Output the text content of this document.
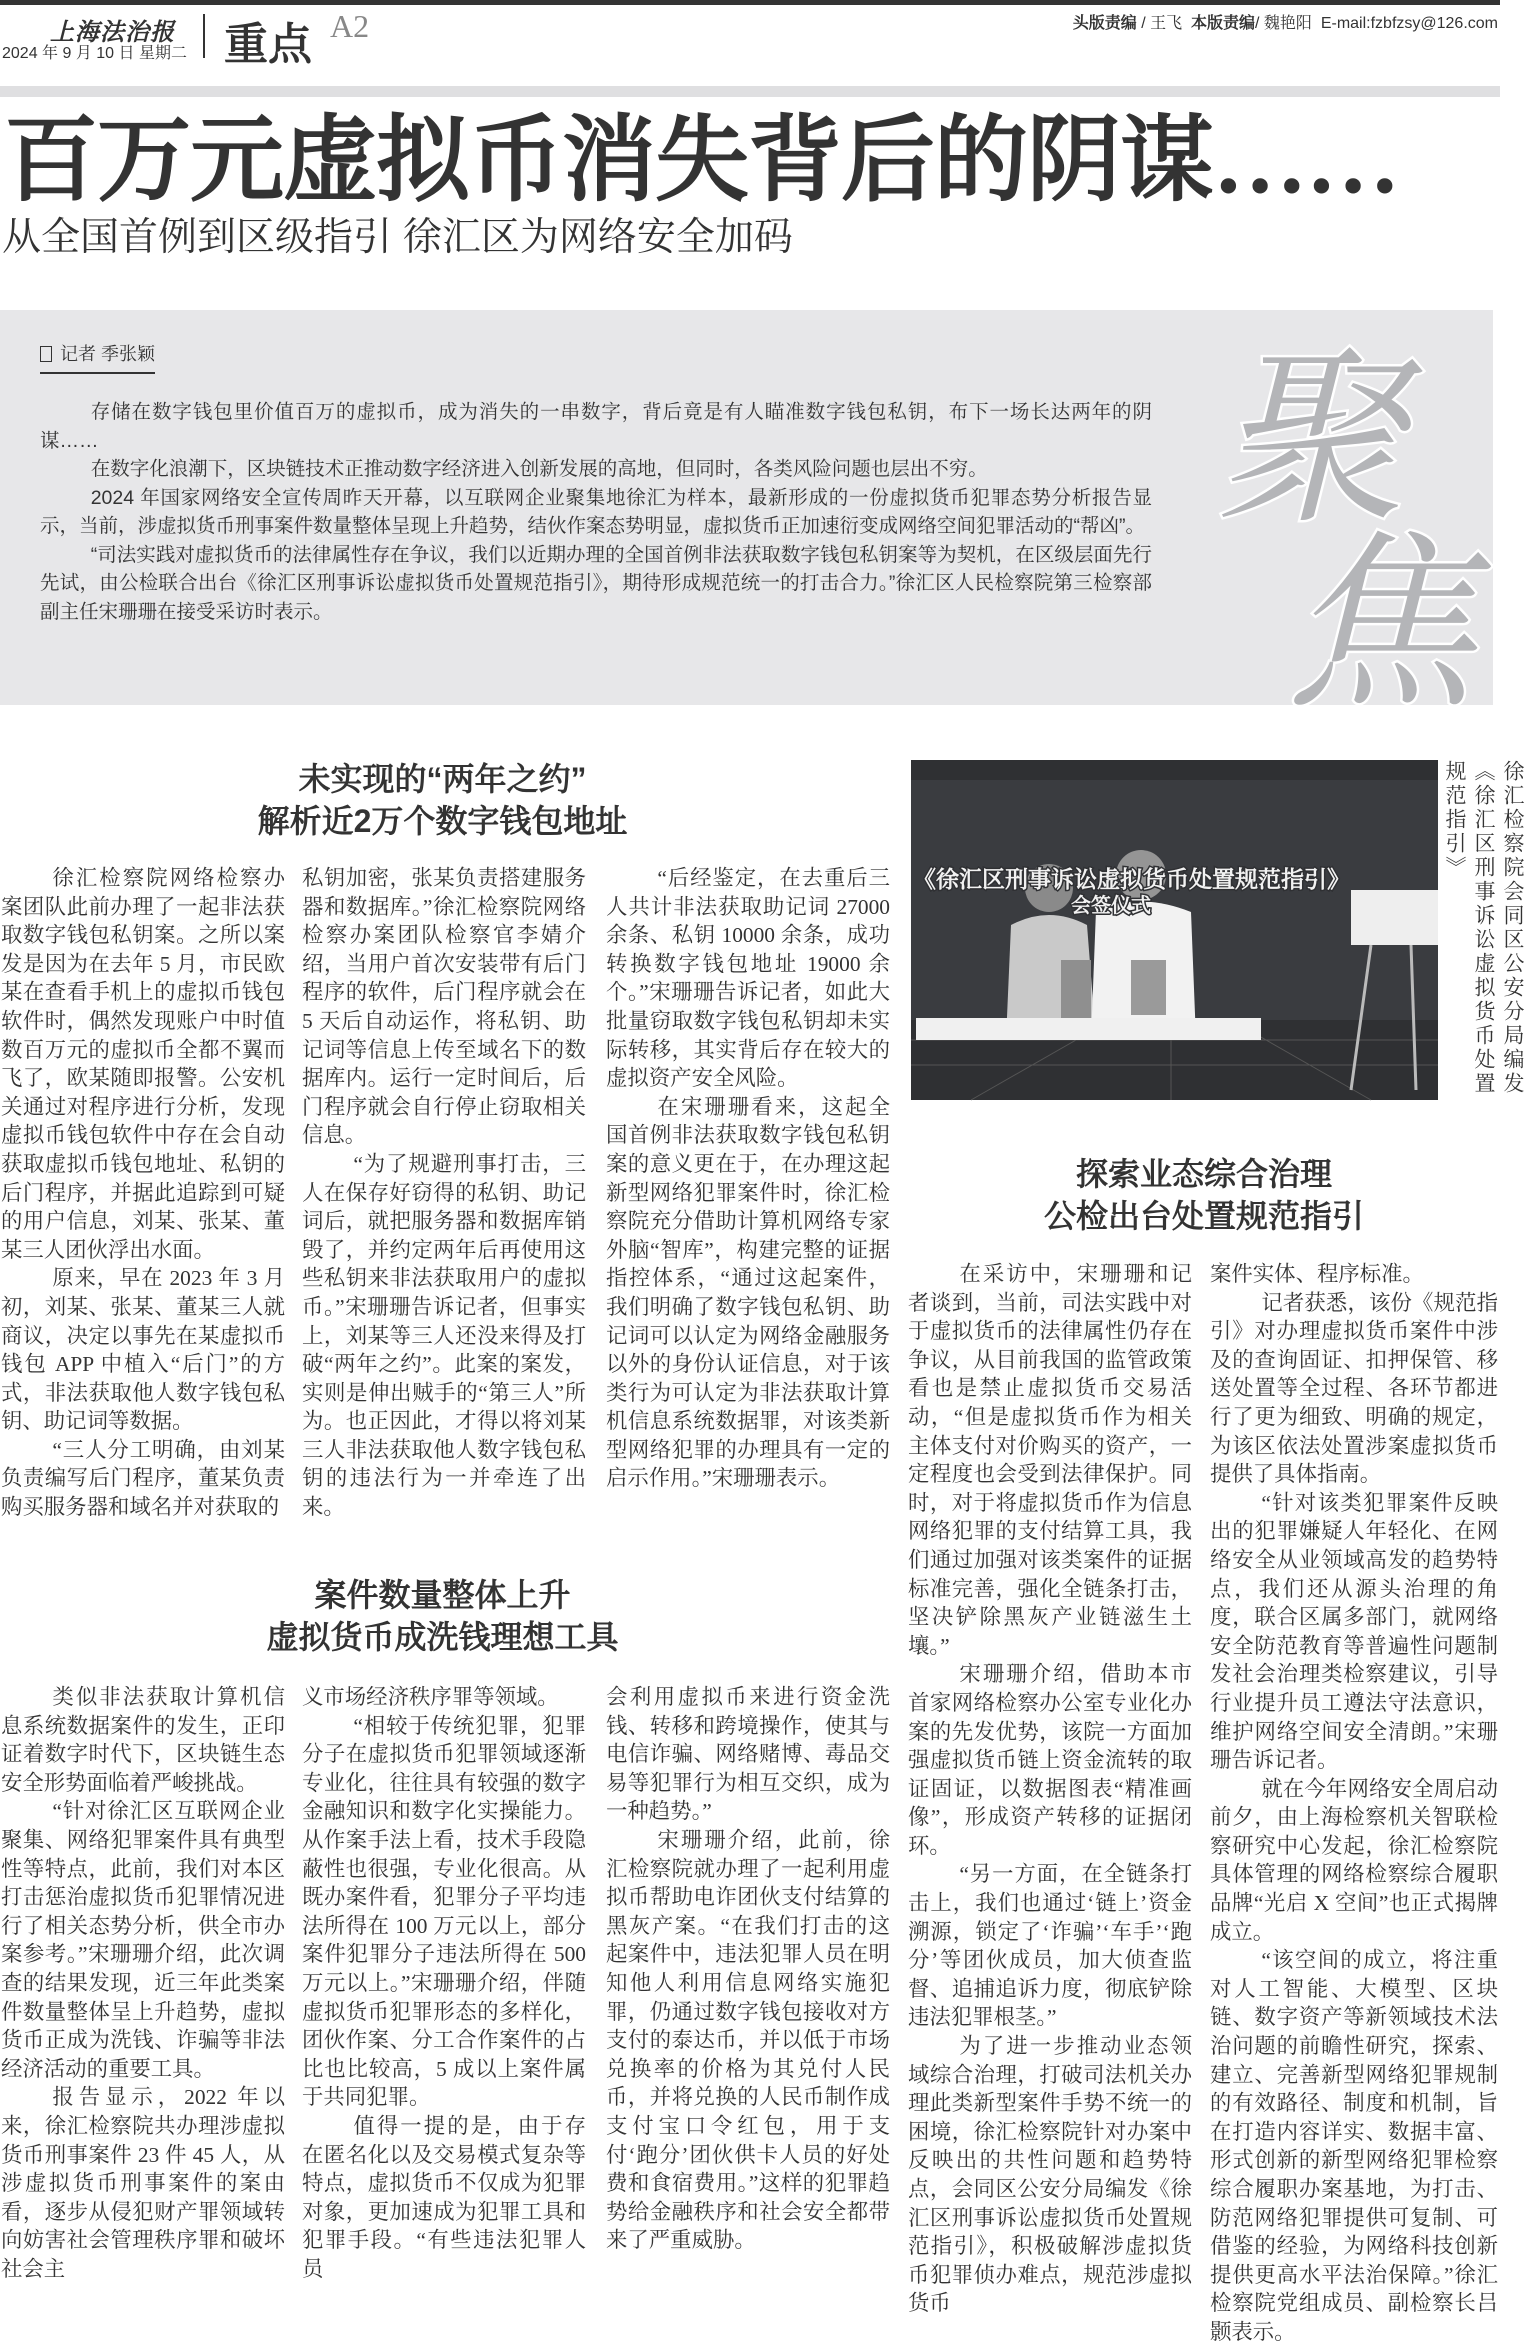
上海法治报
2024 年 9 月 10 日 星期二 重点 A2	头版责编 / 王飞 本版责编/ 魏艳阳 E-mail:fzbfzsy@126.com
百万元虚拟币消失背后的阴谋……
从全国首例到区级指引 徐汇区为网络安全加码
记者 季张颖

存储在数字钱包里价值百万的虚拟币，成为消失的一串数字，背后竟是有人瞄准数字钱包私钥，布下一场长达两年的阴谋……

在数字化浪潮下，区块链技术正推动数字经济进入创新发展的高地，但同时，各类风险问题也层出不穷。

2024 年国家网络安全宣传周昨天开幕，以互联网企业聚集地徐汇为样本，最新形成的一份虚拟货币犯罪态势分析报告显示，当前，涉虚拟货币刑事案件数量整体呈现上升趋势，结伙作案态势明显，虚拟货币正加速衍变成网络空间犯罪活动的“帮凶”。

“司法实践对虚拟货币的法律属性存在争议，我们以近期办理的全国首例非法获取数字钱包私钥案等为契机，在区级层面先行先试，由公检联合出台《徐汇区刑事诉讼虚拟货币处置规范指引》，期待形成规范统一的打击合力。”徐汇区人民检察院第三检察部副主任宋珊珊在接受采访时表示。

聚
焦
未实现的“两年之约”
解析近2万个数字钱包地址
案件数量整体上升
虚拟货币成洗钱理想工具
探索业态综合治理
公检出台处置规范指引

徐汇检察院网络检察办案团队此前办理了一起非法获取数字钱包私钥案。之所以案发是因为在去年 5 月，市民欧某在查看手机上的虚拟币钱包软件时，偶然发现账户中时值数百万元的虚拟币全都不翼而飞了，欧某随即报警。公安机关通过对程序进行分析，发现虚拟币钱包软件中存在会自动获取虚拟币钱包地址、私钥的后门程序，并据此追踪到可疑的用户信息，刘某、张某、董某三人团伙浮出水面。

原来，早在 2023 年 3 月初，刘某、张某、董某三人就商议，决定以事先在某虚拟币钱包 APP 中植入“后门”的方式，非法获取他人数字钱包私钥、助记词等数据。

“三人分工明确，由刘某负责编写后门程序，董某负责购买服务器和域名并对获取的

私钥加密，张某负责搭建服务器和数据库。”徐汇检察院网络检察办案团队检察官李婧介绍，当用户首次安装带有后门程序的软件，后门程序就会在 5 天后自动运作，将私钥、助记词等信息上传至域名下的数据库内。运行一定时间后，后门程序就会自行停止窃取相关信息。

“为了规避刑事打击，三人在保存好窃得的私钥、助记词后，就把服务器和数据库销毁了，并约定两年后再使用这些私钥来非法获取用户的虚拟币。”宋珊珊告诉记者，但事实上，刘某等三人还没来得及打破“两年之约”。此案的案发，实则是伸出贼手的“第三人”所为。也正因此，才得以将刘某三人非法获取他人数字钱包私钥的违法行为一并牵连了出来。

“后经鉴定，在去重后三人共计非法获取助记词 27000 余条、私钥 10000 余条，成功转换数字钱包地址 19000 余个。”宋珊珊告诉记者，如此大批量窃取数字钱包私钥却未实际转移，其实背后存在较大的虚拟资产安全风险。

在宋珊珊看来，这起全国首例非法获取数字钱包私钥案的意义更在于，在办理这起新型网络犯罪案件时，徐汇检察院充分借助计算机网络专家外脑“智库”，构建完整的证据指控体系，“通过这起案件，我们明确了数字钱包私钥、助记词可以认定为网络金融服务以外的身份认证信息，对于该类行为可认定为非法获取计算机信息系统数据罪，对该类新型网络犯罪的办理具有一定的启示作用。”宋珊珊表示。

类似非法获取计算机信息系统数据案件的发生，正印证着数字时代下，区块链生态安全形势面临着严峻挑战。

“针对徐汇区互联网企业聚集、网络犯罪案件具有典型性等特点，此前，我们对本区打击惩治虚拟货币犯罪情况进行了相关态势分析，供全市办案参考。”宋珊珊介绍，此次调查的结果发现，近三年此类案件数量整体呈上升趋势，虚拟货币正成为洗钱、诈骗等非法经济活动的重要工具。

报告显示，2022 年以来，徐汇检察院共办理涉虚拟货币刑事案件 23 件 45 人，从涉虚拟货币刑事案件的案由看，逐步从侵犯财产罪领域转向妨害社会管理秩序罪和破坏社会主

义市场经济秩序罪等领域。

“相较于传统犯罪，犯罪分子在虚拟货币犯罪领域逐渐专业化，往往具有较强的数字金融知识和数字化实操能力。从作案手法上看，技术手段隐蔽性也很强，专业化很高。从既办案件看，犯罪分子平均违法所得在 100 万元以上，部分案件犯罪分子违法所得在 500 万元以上。”宋珊珊介绍，伴随虚拟货币犯罪形态的多样化，团伙作案、分工合作案件的占比也比较高，5 成以上案件属于共同犯罪。

值得一提的是，由于存在匿名化以及交易模式复杂等特点，虚拟货币不仅成为犯罪对象，更加速成为犯罪工具和犯罪手段。“有些违法犯罪人员

会利用虚拟币来进行资金洗钱、转移和跨境操作，使其与电信诈骗、网络赌博、毒品交易等犯罪行为相互交织，成为一种趋势。”

宋珊珊介绍，此前，徐汇检察院就办理了一起利用虚拟币帮助电诈团伙支付结算的黑灰产案。“在我们打击的这起案件中，违法犯罪人员在明知他人利用信息网络实施犯罪，仍通过数字钱包接收对方支付的泰达币，并以低于市场兑换率的价格为其兑付人民币，并将兑换的人民币制作成支付宝口令红包，用于支付‘跑分’团伙供卡人员的好处费和食宿费用。”这样的犯罪趋势给金融秩序和社会安全都带来了严重威胁。

在采访中，宋珊珊和记者谈到，当前，司法实践中对于虚拟货币的法律属性仍存在争议，从目前我国的监管政策看也是禁止虚拟货币交易活动，“但是虚拟货币作为相关主体支付对价购买的资产，一定程度也会受到法律保护。同时，对于将虚拟货币作为信息网络犯罪的支付结算工具，我们通过加强对该类案件的证据标准完善，强化全链条打击，坚决铲除黑灰产业链滋生土壤。”

宋珊珊介绍，借助本市首家网络检察办公室专业化办案的先发优势，该院一方面加强虚拟货币链上资金流转的取证固证，以数据图表“精准画像”，形成资产转移的证据闭环。

“另一方面，在全链条打击上，我们也通过‘链上’资金溯源，锁定了‘诈骗’‘车手’‘跑分’等团伙成员，加大侦查监督、追捕追诉力度，彻底铲除违法犯罪根茎。”

为了进一步推动业态领域综合治理，打破司法机关办理此类新型案件手势不统一的困境，徐汇检察院针对办案中反映出的共性问题和趋势特点，会同区公安分局编发《徐汇区刑事诉讼虚拟货币处置规范指引》，积极破解涉虚拟货币犯罪侦办难点，规范涉虚拟货币

案件实体、程序标准。

记者获悉，该份《规范指引》对办理虚拟货币案件中涉及的查询固证、扣押保管、移送处置等全过程、各环节都进行了更为细致、明确的规定，为该区依法处置涉案虚拟货币提供了具体指南。

“针对该类犯罪案件反映出的犯罪嫌疑人年轻化、在网络安全从业领域高发的趋势特点，我们还从源头治理的角度，联合区属多部门，就网络安全防范教育等普遍性问题制发社会治理类检察建议，引导行业提升员工遵法守法意识，维护网络空间安全清朗。”宋珊珊告诉记者。

就在今年网络安全周启动前夕，由上海检察机关智联检察研究中心发起，徐汇检察院具体管理的网络检察综合履职品牌“光启 X 空间”也正式揭牌成立。

“该空间的成立，将注重对人工智能、大模型、区块链、数字资产等新领域技术法治问题的前瞻性研究，探索、建立、完善新型网络犯罪规制的有效路径、制度和机制，旨在打造内容详实、数据丰富、形式创新的新型网络犯罪检察综合履职办案基地，为打击、防范网络犯罪提供可复制、可借鉴的经验，为网络科技创新提供更高水平法治保障。”徐汇检察院党组成员、副检察长吕颢表示。

《徐汇区刑事诉讼虚拟货币处置规范指引》
会签仪式	徐汇检察院会同区公安分局编发《徐汇区刑事诉讼虚拟货币处置规范指引》
